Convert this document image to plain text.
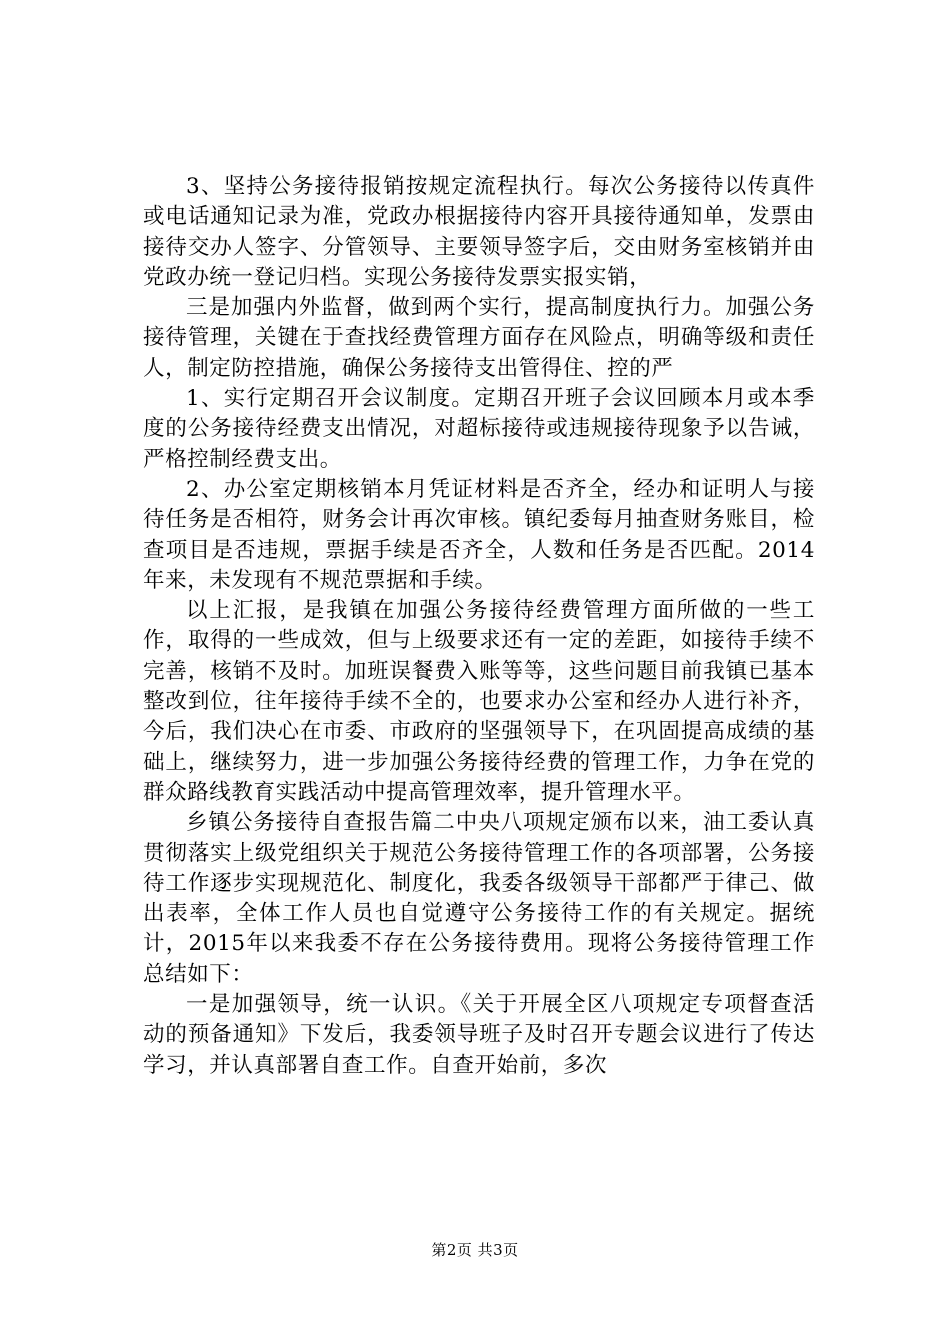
3、坚持公务接待报销按规定流程执行。每次公务接待以传真件或电话通知记录为准，党政办根据接待内容开具接待通知单，发票由接待交办人签字、分管领导、主要领导签字后，交由财务室核销并由党政办统一登记归档。实现公务接待发票实报实销，

三是加强内外监督，做到两个实行，提高制度执行力。加强公务接待管理，关键在于查找经费管理方面存在风险点，明确等级和责任人，制定防控措施，确保公务接待支出管得住、控的严

1、实行定期召开会议制度。定期召开班子会议回顾本月或本季度的公务接待经费支出情况，对超标接待或违规接待现象予以告诫，严格控制经费支出。

2、办公室定期核销本月凭证材料是否齐全，经办和证明人与接待任务是否相符，财务会计再次审核。镇纪委每月抽查财务账目，检查项目是否违规，票据手续是否齐全，人数和任务是否匹配。2014年来，未发现有不规范票据和手续。

以上汇报，是我镇在加强公务接待经费管理方面所做的一些工作，取得的一些成效，但与上级要求还有一定的差距，如接待手续不完善，核销不及时。加班误餐费入账等等，这些问题目前我镇已基本整改到位，往年接待手续不全的，也要求办公室和经办人进行补齐，今后，我们决心在市委、市政府的坚强领导下，在巩固提高成绩的基础上，继续努力，进一步加强公务接待经费的管理工作，力争在党的群众路线教育实践活动中提高管理效率，提升管理水平。

乡镇公务接待自查报告篇二中央八项规定颁布以来，油工委认真贯彻落实上级党组织关于规范公务接待管理工作的各项部署，公务接待工作逐步实现规范化、制度化，我委各级领导干部都严于律己、做出表率，全体工作人员也自觉遵守公务接待工作的有关规定。据统计，2015年以来我委不存在公务接待费用。现将公务接待管理工作总结如下：

一是加强领导，统一认识。《关于开展全区八项规定专项督查活动的预备通知》下发后，我委领导班子及时召开专题会议进行了传达学习，并认真部署自查工作。自查开始前，多次

第2页 共3页
